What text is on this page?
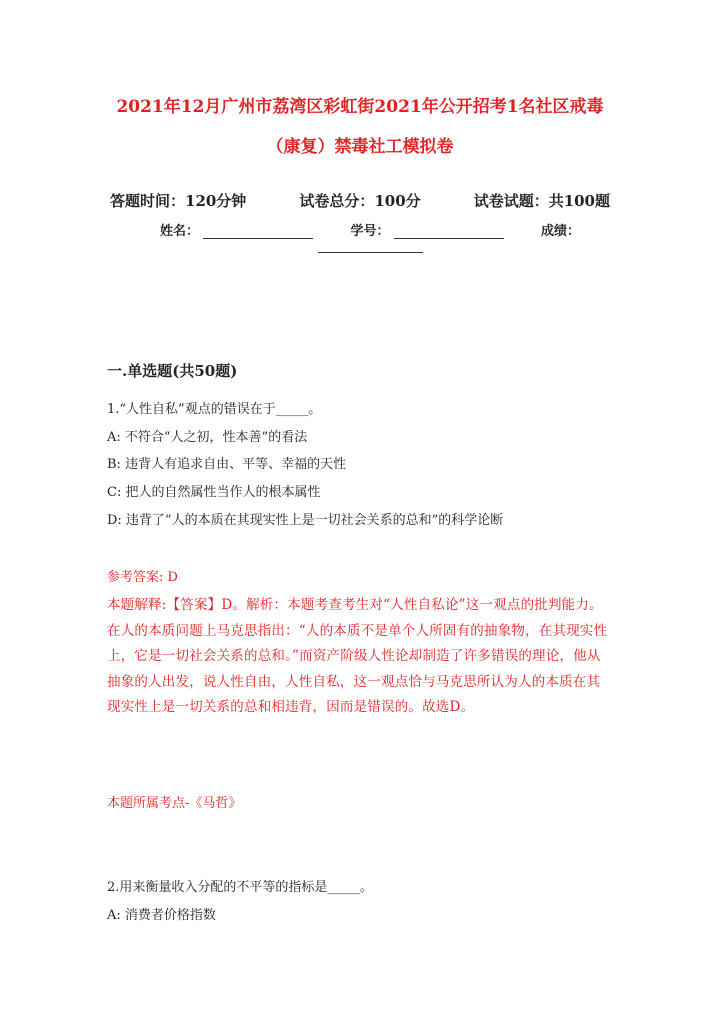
2021年12月广州市荔湾区彩虹街2021年公开招考1名社区戒毒
（康复）禁毒社工模拟卷
答题时间：120分钟	试卷总分：100分	试卷试题：共100题
姓名：	学号：	成绩：
一.单选题(共50题)
1.“人性自私”观点的错误在于_____。
A: 不符合“人之初，性本善”的看法
B: 违背人有追求自由、平等、幸福的天性
C: 把人的自然属性当作人的根本属性
D: 违背了“人的本质在其现实性上是一切社会关系的总和”的科学论断
参考答案: D
本题解释:【答案】D。解析：本题考查考生对“人性自私论”这一观点的批判能力。在人的本质问题上马克思指出：“人的本质不是单个人所固有的抽象物，在其现实性上，它是一切社会关系的总和。”而资产阶级人性论却制造了许多错误的理论，他从抽象的人出发，说人性自由，人性自私，这一观点恰与马克思所认为人的本质在其现实性上是一切关系的总和相违背，因而是错误的。故选D。
本题所属考点-《马哲》
2.用来衡量收入分配的不平等的指标是_____。
A: 消费者价格指数
